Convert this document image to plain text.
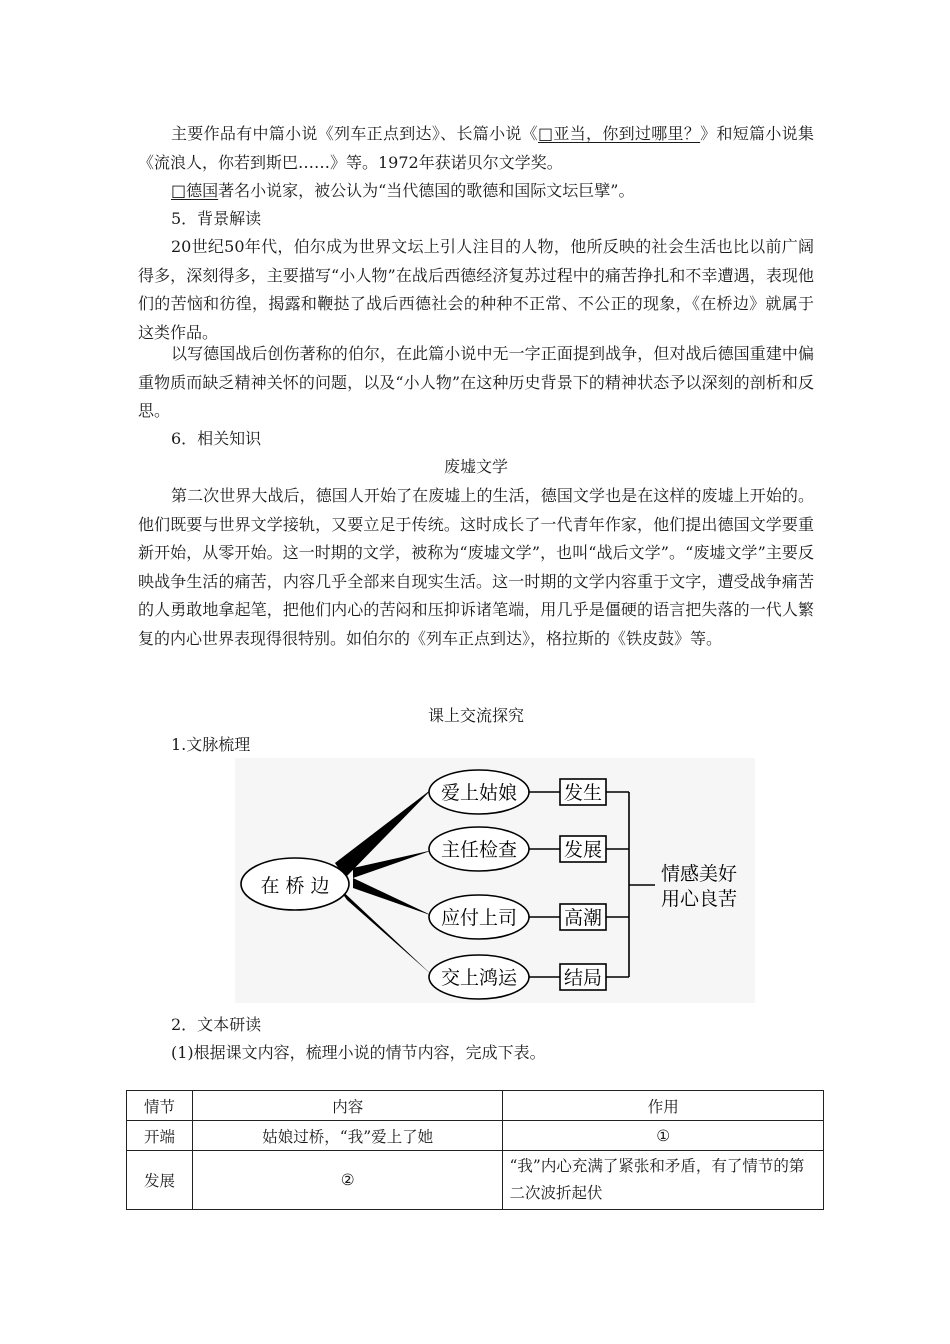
主要作品有中篇小说《列车正点到达》、长篇小说《□亚当，你到过哪里？》和短篇小说集《流浪人，你若到斯巴……》等。1972年获诺贝尔文学奖。

□德国著名小说家，被公认为“当代德国的歌德和国际文坛巨擘”。

5．背景解读

20世纪50年代，伯尔成为世界文坛上引人注目的人物，他所反映的社会生活也比以前广阔得多，深刻得多，主要描写“小人物”在战后西德经济复苏过程中的痛苦挣扎和不幸遭遇，表现他们的苦恼和彷徨，揭露和鞭挞了战后西德社会的种种不正常、不公正的现象，《在桥边》就属于这类作品。

以写德国战后创伤著称的伯尔，在此篇小说中无一字正面提到战争，但对战后德国重建中偏重物质而缺乏精神关怀的问题，以及“小人物”在这种历史背景下的精神状态予以深刻的剖析和反思。

6．相关知识

废墟文学

第二次世界大战后，德国人开始了在废墟上的生活，德国文学也是在这样的废墟上开始的。他们既要与世界文学接轨，又要立足于传统。这时成长了一代青年作家，他们提出德国文学要重新开始，从零开始。这一时期的文学，被称为“废墟文学”，也叫“战后文学”。“废墟文学”主要反映战争生活的痛苦，内容几乎全部来自现实生活。这一时期的文学内容重于文字，遭受战争痛苦的人勇敢地拿起笔，把他们内心的苦闷和压抑诉诸笔端，用几乎是僵硬的语言把失落的一代人繁复的内心世界表现得很特别。如伯尔的《列车正点到达》，格拉斯的《铁皮鼓》等。

课上交流探究

1.文脉梳理

在 桥 边
爱上姑娘
主任检查
应付上司
交上鸿运
发生
发展
高潮
结局
情感美好
用心良苦

2．文本研读

(1)根据课文内容，梳理小说的情节内容，完成下表。

情节	内容	作用
开端	姑娘过桥，“我”爱上了她	①
发展	②	“我”内心充满了紧张和矛盾，有了情节的第二次波折起伏
